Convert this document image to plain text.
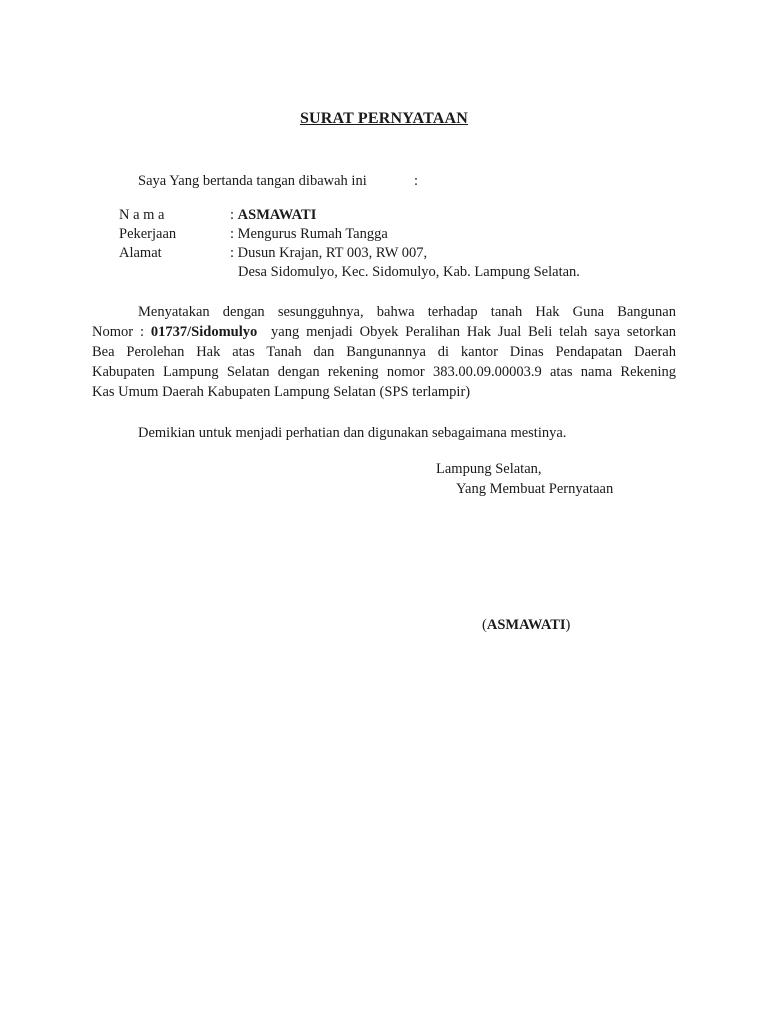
SURAT PERNYATAAN
Saya Yang bertanda tangan dibawah ini	:
N a m a	: ASMAWATI
Pekerjaan	: Mengurus Rumah Tangga
Alamat	: Dusun Krajan, RT 003, RW 007,
Desa Sidomulyo, Kec. Sidomulyo, Kab. Lampung Selatan.
Menyatakan dengan sesungguhnya, bahwa terhadap tanah Hak Guna Bangunan
Nomor : 01737/Sidomulyo yang menjadi Obyek Peralihan Hak Jual Beli telah saya setorkan
Bea Perolehan Hak atas Tanah dan Bangunannya di kantor Dinas Pendapatan Daerah
Kabupaten Lampung Selatan dengan rekening nomor 383.00.09.00003.9 atas nama Rekening
Kas Umum Daerah Kabupaten Lampung Selatan (SPS terlampir)
Demikian untuk menjadi perhatian dan digunakan sebagaimana mestinya.
Lampung Selatan,
Yang Membuat Pernyataan
(ASMAWATI)
